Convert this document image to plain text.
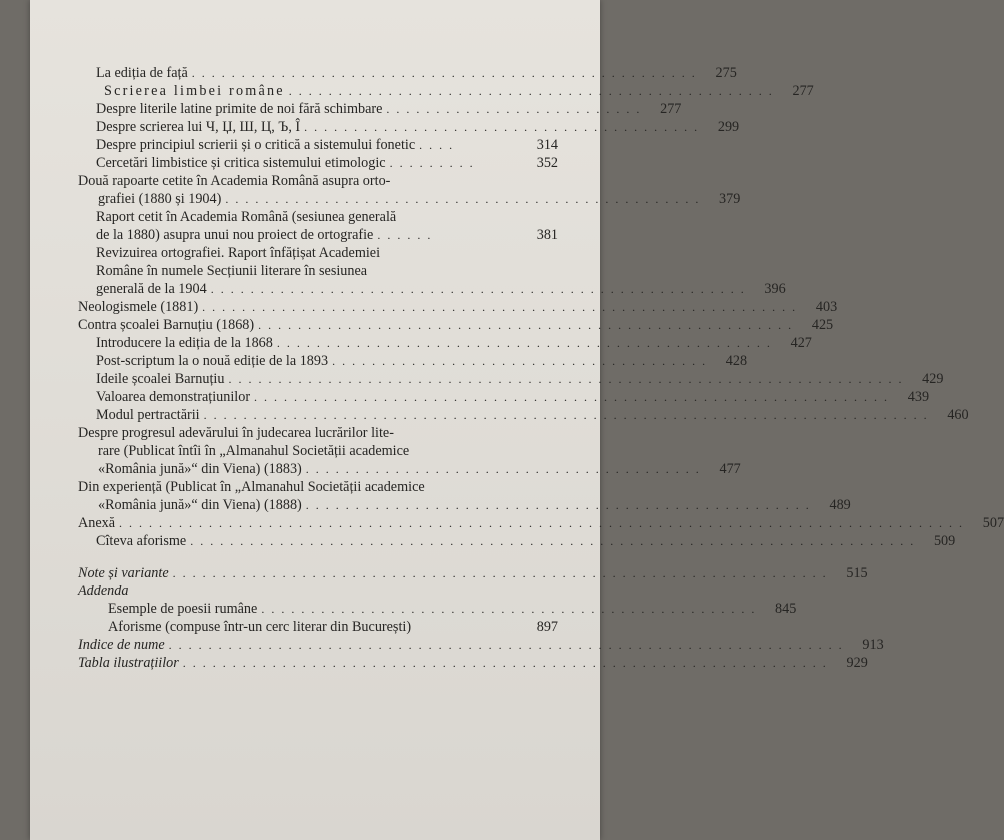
La ediția de față . . . . . . . . . . . . . . . . . . . . . . . . . . . . . . . . . . . . . . . . . . . . . . . . . . .	275
Scrierea limbei române . . . . . . . . . . . . . . . . . . . . . . . . . . . . . . . . . . . . . . . . . . . . . . . . .	277
Despre literile latine primite de noi fără schimbare . . . . . . . . . . . . . . . . . . . . . . . . . .	277
Despre scrierea lui Ч, Џ, Ш, Ц, Ъ, Î . . . . . . . . . . . . . . . . . . . . . . . . . . . . . . . . . . . . . . . .	299
Despre principiul scrierii și o critică a sistemului fonetic . . . .	314
Cercetări limbistice și critica sistemului etimologic . . . . . . . . .	352
Două rapoarte cetite în Academia Română asupra orto-
grafiei (1880 și 1904) . . . . . . . . . . . . . . . . . . . . . . . . . . . . . . . . . . . . . . . . . . . . . . . .	379
Raport cetit în Academia Română (sesiunea generală
de la 1880) asupra unui nou proiect de ortografie . . . . . .	381
Revizuirea ortografiei. Raport înfățișat Academiei
Române în numele Secțiunii literare în sesiunea
generală de la 1904 . . . . . . . . . . . . . . . . . . . . . . . . . . . . . . . . . . . . . . . . . . . . . . . . . . . . . .	396
Neologismele (1881) . . . . . . . . . . . . . . . . . . . . . . . . . . . . . . . . . . . . . . . . . . . . . . . . . . . . . . . . . . . .	403
Contra școalei Barnuțiu (1868) . . . . . . . . . . . . . . . . . . . . . . . . . . . . . . . . . . . . . . . . . . . . . . . . . . . . . .	425
Introducere la ediția de la 1868 . . . . . . . . . . . . . . . . . . . . . . . . . . . . . . . . . . . . . . . . . . . . . . . . . .	427
Post-scriptum la o nouă ediție de la 1893 . . . . . . . . . . . . . . . . . . . . . . . . . . . . . . . . . . . . . .	428
Ideile școalei Barnuțiu . . . . . . . . . . . . . . . . . . . . . . . . . . . . . . . . . . . . . . . . . . . . . . . . . . . . . . . . . . . . . . . . . . . .	429
Valoarea demonstrațiunilor . . . . . . . . . . . . . . . . . . . . . . . . . . . . . . . . . . . . . . . . . . . . . . . . . . . . . . . . . . . . . . . .	439
Modul pertractării . . . . . . . . . . . . . . . . . . . . . . . . . . . . . . . . . . . . . . . . . . . . . . . . . . . . . . . . . . . . . . . . . . . . . . . . .	460
Despre progresul adevărului în judecarea lucrărilor lite-
rare (Publicat întîi în „Almanahul Societății academice
«România jună»“ din Viena) (1883) . . . . . . . . . . . . . . . . . . . . . . . . . . . . . . . . . . . . . . . .	477
Din experiență (Publicat în „Almanahul Societății academice
«România jună»“ din Viena) (1888) . . . . . . . . . . . . . . . . . . . . . . . . . . . . . . . . . . . . . . . . . . . . . . . . . . .	489
Anexă . . . . . . . . . . . . . . . . . . . . . . . . . . . . . . . . . . . . . . . . . . . . . . . . . . . . . . . . . . . . . . . . . . . . . . . . . . . . . . . . . . . . .	507
Cîteva aforisme . . . . . . . . . . . . . . . . . . . . . . . . . . . . . . . . . . . . . . . . . . . . . . . . . . . . . . . . . . . . . . . . . . . . . . . . .	509
Note și variante . . . . . . . . . . . . . . . . . . . . . . . . . . . . . . . . . . . . . . . . . . . . . . . . . . . . . . . . . . . . . . . . . .	515
Addenda
Esemple de poesii rumâne . . . . . . . . . . . . . . . . . . . . . . . . . . . . . . . . . . . . . . . . . . . . . . . . . .	845
Aforisme (compuse într-un cerc literar din București)	897
Indice de nume . . . . . . . . . . . . . . . . . . . . . . . . . . . . . . . . . . . . . . . . . . . . . . . . . . . . . . . . . . . . . . . . . . . .	913
Tabla ilustrațiilor . . . . . . . . . . . . . . . . . . . . . . . . . . . . . . . . . . . . . . . . . . . . . . . . . . . . . . . . . . . . . . . . .	929
